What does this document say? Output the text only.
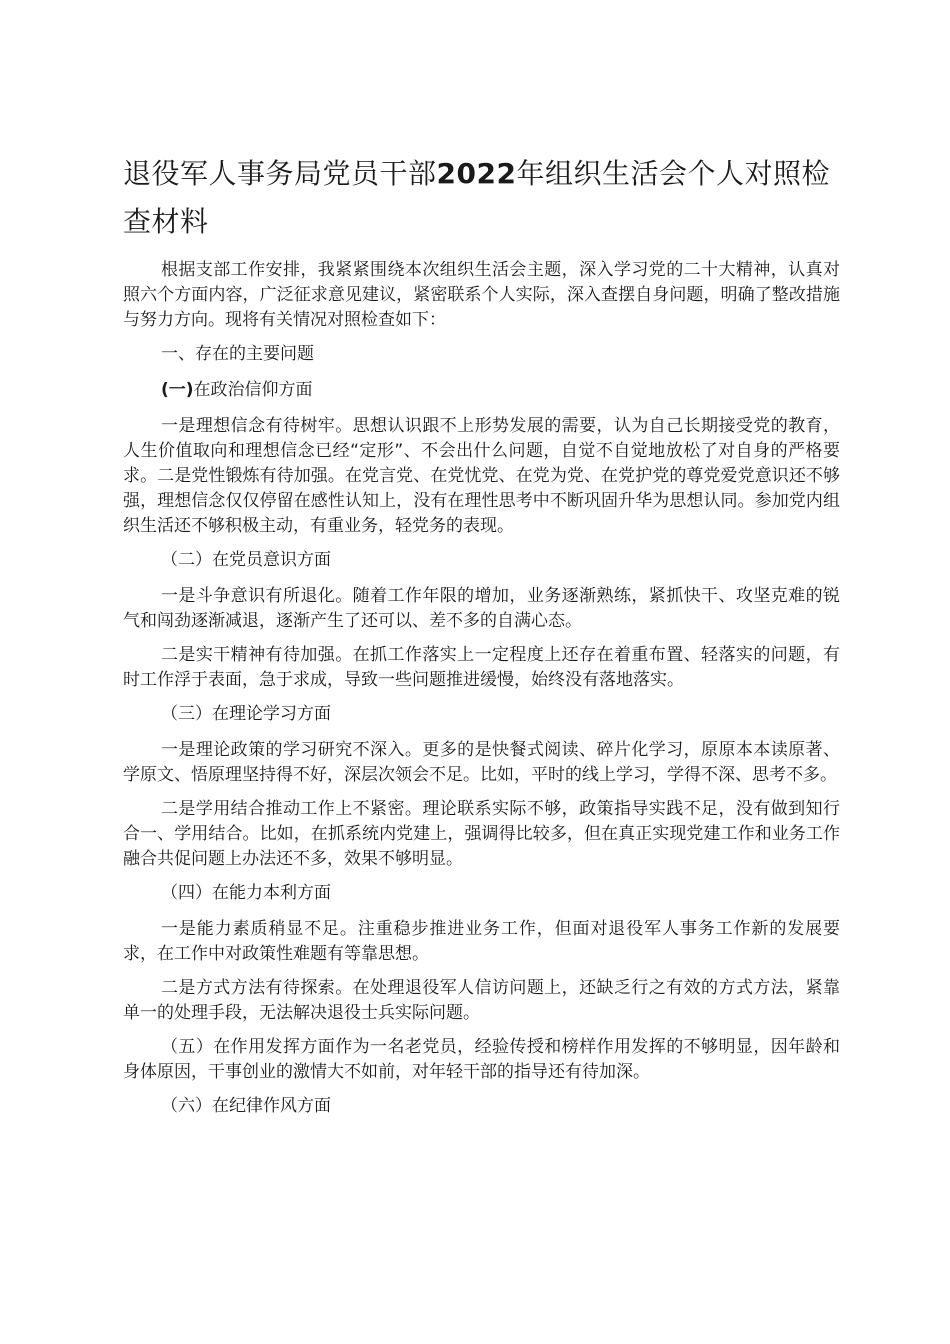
退役军人事务局党员干部2022年组织生活会个人对照检查材料

根据支部工作安排，我紧紧围绕本次组织生活会主题，深入学习党的二十大精神，认真对照六个方面内容，广泛征求意见建议，紧密联系个人实际，深入查摆自身问题，明确了整改措施与努力方向。现将有关情况对照检查如下：

一、存在的主要问题

(一)在政治信仰方面

一是理想信念有待树牢。思想认识跟不上形势发展的需要，认为自己长期接受党的教育，人生价值取向和理想信念已经“定形”、不会出什么问题，自觉不自觉地放松了对自身的严格要求。二是党性锻炼有待加强。在党言党、在党忧党、在党为党、在党护党的尊党爱党意识还不够强，理想信念仅仅停留在感性认知上，没有在理性思考中不断巩固升华为思想认同。参加党内组织生活还不够积极主动，有重业务，轻党务的表现。

（二）在党员意识方面

一是斗争意识有所退化。随着工作年限的增加，业务逐渐熟练，紧抓快干、攻坚克难的锐气和闯劲逐渐减退，逐渐产生了还可以、差不多的自满心态。

二是实干精神有待加强。在抓工作落实上一定程度上还存在着重布置、轻落实的问题，有时工作浮于表面，急于求成，导致一些问题推进缓慢，始终没有落地落实。

（三）在理论学习方面

一是理论政策的学习研究不深入。更多的是快餐式阅读、碎片化学习，原原本本读原著、学原文、悟原理坚持得不好，深层次领会不足。比如，平时的线上学习，学得不深、思考不多。

二是学用结合推动工作上不紧密。理论联系实际不够，政策指导实践不足，没有做到知行合一、学用结合。比如，在抓系统内党建上，强调得比较多，但在真正实现党建工作和业务工作融合共促问题上办法还不多，效果不够明显。

（四）在能力本利方面

一是能力素质稍显不足。注重稳步推进业务工作，但面对退役军人事务工作新的发展要求，在工作中对政策性难题有等靠思想。

二是方式方法有待探索。在处理退役军人信访问题上，还缺乏行之有效的方式方法，紧靠单一的处理手段，无法解决退役士兵实际问题。

（五）在作用发挥方面作为一名老党员，经验传授和榜样作用发挥的不够明显，因年龄和身体原因，干事创业的激情大不如前，对年轻干部的指导还有待加深。

（六）在纪律作风方面
